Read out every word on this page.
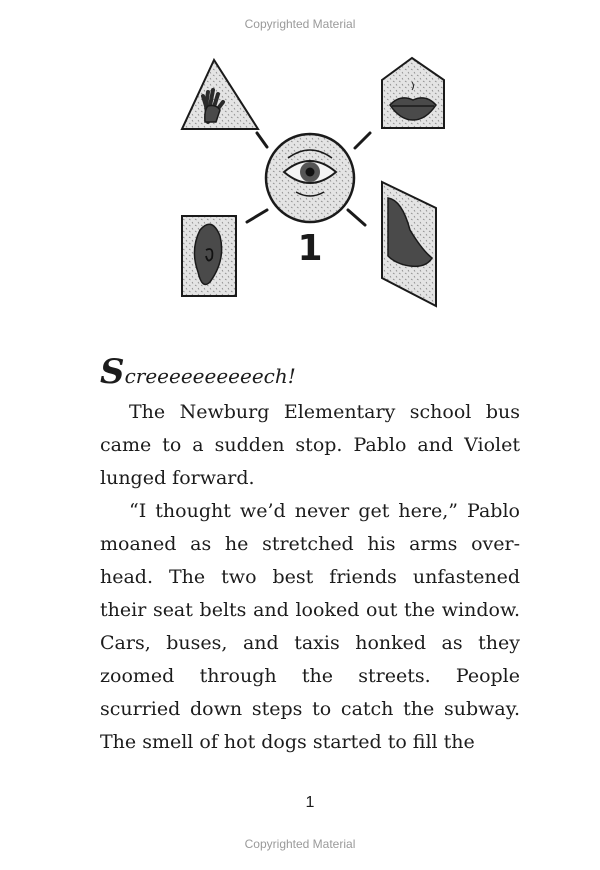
Copyrighted Material
1
Screeeeeeeeeech!

The Newburg Elementary school bus came to a sudden stop. Pablo and Violet lunged forward.

“I thought we’d never get here,” Pablo moaned as he stretched his arms overhead. The two best friends unfastened their seat belts and looked out the window. Cars, buses, and taxis honked as they zoomed through the streets. People scurried down steps to catch the subway. The smell of hot dogs started to fill the

1
Copyrighted Material
